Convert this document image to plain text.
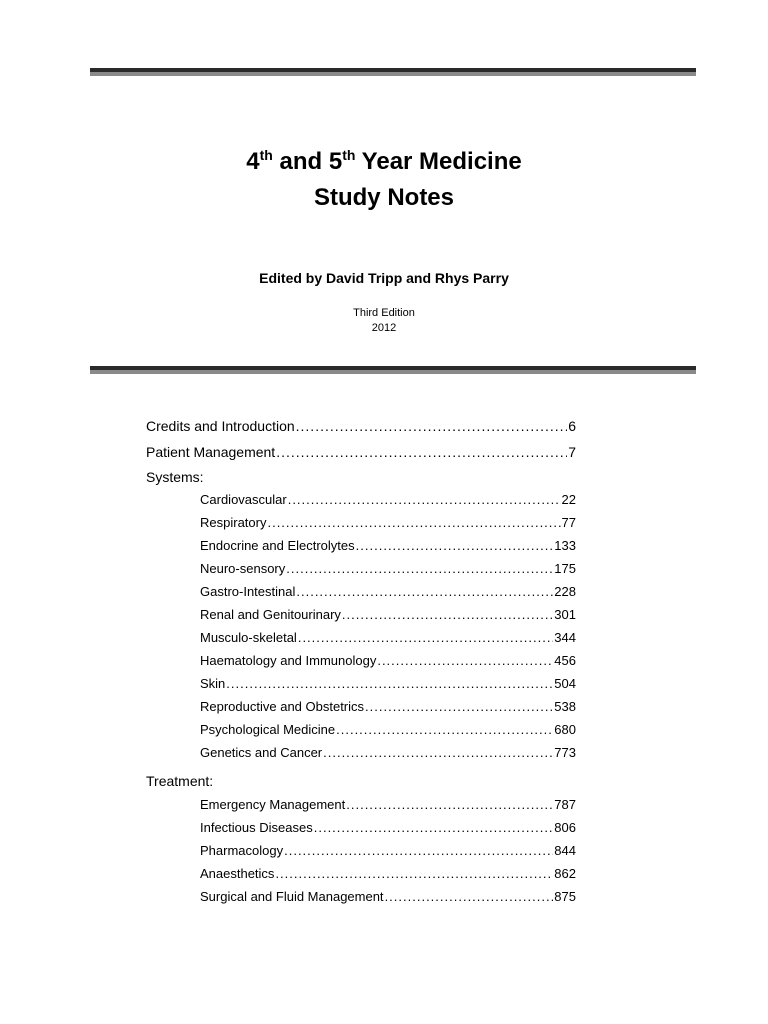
4th and 5th Year Medicine
Study Notes
Edited by David Tripp and Rhys Parry
Third Edition
2012
Credits and Introduction .....	6
Patient Management .....	7
Systems:
Cardiovascular .....	22
Respiratory .....	77
Endocrine and Electrolytes .....	133
Neuro-sensory .....	175
Gastro-Intestinal .....	228
Renal and Genitourinary .....	301
Musculo-skeletal .....	344
Haematology and Immunology .....	456
Skin .....	504
Reproductive and Obstetrics .....	538
Psychological Medicine .....	680
Genetics and Cancer .....	773
Treatment:
Emergency Management .....	787
Infectious Diseases .....	806
Pharmacology .....	844
Anaesthetics .....	862
Surgical and Fluid Management .....	875
